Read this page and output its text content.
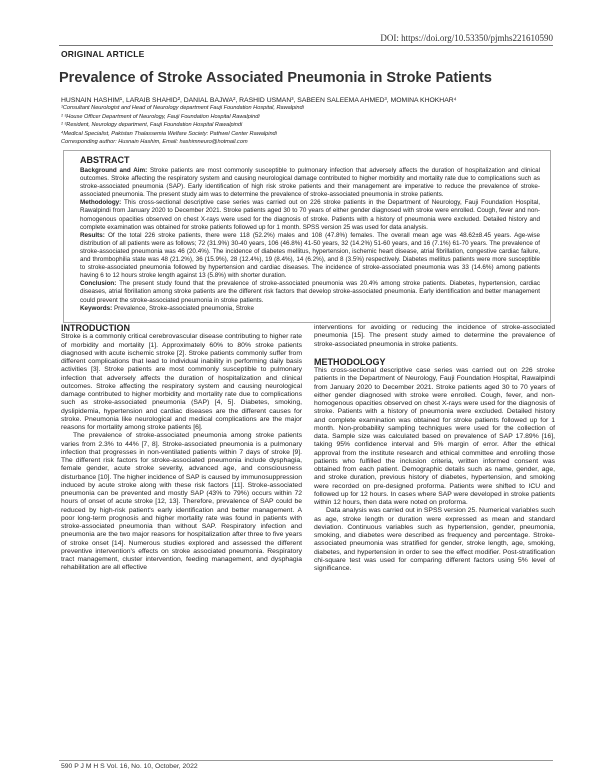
DOI: https://doi.org/10.53350/pjmhs221610590
ORIGINAL ARTICLE
Prevalence of Stroke Associated Pneumonia in Stroke Patients
HUSNAIN HASHIM¹, LARAIB SHAHID², DANIAL BAJWA², RASHID USMAN³, SABEEN SALEEMA AHMED³, MOMINA KHOKHAR⁴
¹Consultant Neurologist and Head of Neurology department Fauji Foundation Hospital, Rawalpindi
² ³House Officer Department of Neurology, Fauji Foundation Hospital Rawalpindi
² ³Resident, Neurology department, Fauji Foundation Hospital Rawalpindi
⁴Medical Specialist, Pakistan Thalassemia Welfare Society: Pathwel Center Rawalpindi
Corresponding author: Husnain Hashim, Email: hashimneuro@hotmail.com
ABSTRACT

Background and Aim: Stroke patients are most commonly susceptible to pulmonary infection that adversely affects the duration of hospitalization and clinical outcomes. Stroke affecting the respiratory system and causing neurological damage contributed to higher morbidity and mortality rate due to complications such as stroke-associated pneumonia (SAP). Early identification of high risk stroke patients and their management are imperative to reduce the prevalence of stroke-associated pneumonia. The present study aim was to determine the prevalence of stroke-associated pneumonia in stroke patients.

Methodology: This cross-sectional descriptive case series was carried out on 226 stroke patients in the Department of Neurology, Fauji Foundation Hospital, Rawalpindi from January 2020 to December 2021. Stroke patients aged 30 to 70 years of either gender diagnosed with stroke were enrolled. Cough, fever and non-homogenous opacities observed on chest X-rays were used for the diagnosis of stroke. Patients with a history of pneumonia were excluded. Detailed history and complete examination was obtained for stroke patients followed up for 1 month. SPSS version 25 was used for data analysis.

Results: Of the total 226 stroke patients, there were 118 (52.2%) males and 108 (47.8%) females. The overall mean age was 48.62±8.45 years. Age-wise distribution of all patients were as follows; 72 (31.9%) 30-40 years, 106 (46.8%) 41-50 years, 32 (14.2%) 51-60 years, and 16 (7.1%) 61-70 years. The prevalence of stroke-associated pneumonia was 46 (20.4%). The incidence of diabetes mellitus, hypertension, ischemic heart disease, atrial fibrillation, congestive cardiac failure, and thrombophilia state was 48 (21.2%), 36 (15.9%), 28 (12.4%), 19 (8.4%), 14 (6.2%), and 8 (3.5%) respectively. Diabetes mellitus patients were more susceptible to stroke-associated pneumonia followed by hypertension and cardiac diseases. The incidence of stroke-associated pneumonia was 33 (14.6%) among patients having 6 to 12 hours stroke length against 13 (5.8%) with shorter duration.

Conclusion: The present study found that the prevalence of stroke-associated pneumonia was 20.4% among stroke patients. Diabetes, hypertension, cardiac diseases, atrial fibrillation among stroke patients are the different risk factors that develop stroke-associated pneumonia. Early identification and better management could prevent the stroke-associated pneumonia in stroke patients.

Keywords: Prevalence, Stroke-associated pneumonia, Stroke

INTRODUCTION

Stroke is a commonly critical cerebrovascular disease contributing to higher rate of morbidity and mortality [1]. Approximately 60% to 80% stroke patients diagnosed with acute ischemic stroke [2]. Stroke patients commonly suffer from different complications that lead to individual inability in performing daily basis activities [3]. Stroke patients are most commonly susceptible to pulmonary infection that adversely affects the duration of hospitalization and clinical outcomes. Stroke affecting the respiratory system and causing neurological damage contributed to higher morbidity and mortality rate due to complications such as stroke-associated pneumonia (SAP) [4, 5]. Diabetes, smoking, dyslipidemia, hypertension and cardiac diseases are the different causes for stroke. Pneumonia like neurological and medical complications are the major reasons for mortality among stroke patients [6].

The prevalence of stroke-associated pneumonia among stroke patients varies from 2.3% to 44% [7, 8]. Stroke-associated pneumonia is a pulmonary infection that progresses in non-ventilated patients within 7 days of stroke [9]. The different risk factors for stroke-associated pneumonia include dysphagia, female gender, acute stroke severity, advanced age, and consciousness disturbance [10]. The higher incidence of SAP is caused by immunosuppression induced by acute stroke along with these risk factors [11]. Stroke-associated pneumonia can be prevented and mostly SAP (43% to 79%) occurs within 72 hours of onset of acute stroke [12, 13]. Therefore, prevalence of SAP could be reduced by high-risk patient's early identification and better management. A poor long-term prognosis and higher mortality rate was found in patients with stroke-associated pneumonia than without SAP. Respiratory infection and pneumonia are the two major reasons for hospitalization after three to five years of stroke onset [14]. Numerous studies explored and assessed the different preventive intervention's effects on stroke associated pneumonia. Respiratory tract management, cluster intervention, feeding management, and dysphagia rehabilitation are all effective

interventions for avoiding or reducing the incidence of stroke-associated pneumonia [15]. The present study aimed to determine the prevalence of stroke-associated pneumonia in stroke patients.

METHODOLOGY

This cross-sectional descriptive case series was carried out on 226 stroke patients in the Department of Neurology, Fauji Foundation Hospital, Rawalpindi from January 2020 to December 2021. Stroke patients aged 30 to 70 years of either gender diagnosed with stroke were enrolled. Cough, fever, and non-homogenous opacities observed on chest X-rays were used for the diagnosis of stroke. Patients with a history of pneumonia were excluded. Detailed history and complete examination was obtained for stroke patients followed up for 1 month. Non-probability sampling techniques were used for the collection of data. Sample size was calculated based on prevalence of SAP 17.89% [16], taking 95% confidence interval and 5% margin of error. After the ethical approval from the institute research and ethical committee and enrolling those patients who fulfilled the inclusion criteria, written informed consent was obtained from each patient. Demographic details such as name, gender, age, and stroke duration, previous history of diabetes, hypertension, and smoking were recorded on pre-designed proforma. Patients were shifted to ICU and followed up for 12 hours. In cases where SAP were developed in stroke patients within 12 hours, then data were noted on proforma.

Data analysis was carried out in SPSS version 25. Numerical variables such as age, stroke length or duration were expressed as mean and standard deviation. Continuous variables such as hypertension, gender, pneumonia, smoking, and diabetes were described as frequency and percentage. Stroke-associated pneumonia was stratified for gender, stroke length, age, smoking, diabetes, and hypertension in order to see the effect modifier. Post-stratification chi-square test was used for comparing different factors using 5% level of significance.

590 P J M H S Vol. 16, No. 10, October, 2022
